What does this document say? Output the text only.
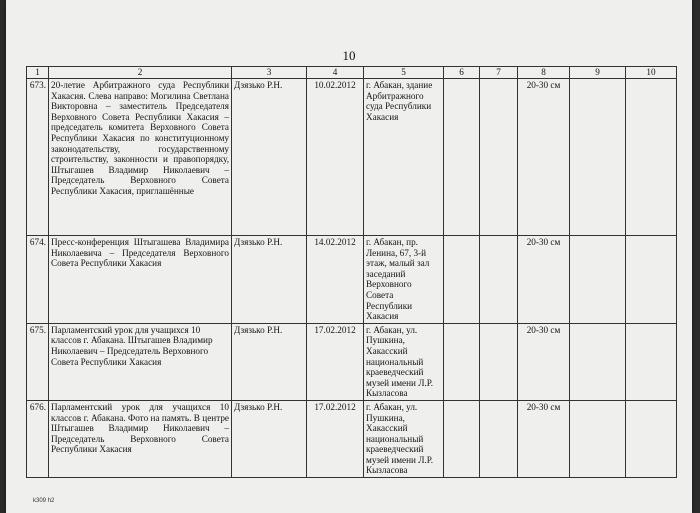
10
1	2	3	4	5	6	7	8	9	10
673.	20-летие Арбитражного суда Республики Хакасия. Слева направо: Могилина Светлана Викторовна – заместитель Председателя Верховного Совета Республики Хакасия – председатель комитета Верховного Совета Республики Хакасия по конституционному законодательству, государственному строительству, законности и правопорядку, Штыгашев Владимир Николаевич – Председатель Верховного Совета Республики Хакасия, приглашённые	Дзязько Р.Н.	10.02.2012	г. Абакан, здание Арбитражного суда Республики Хакасия			20-30 см		
674.	Пресс-конференция Штыгашева Владимира Николаевича – Председателя Верховного Совета Республики Хакасия	Дзязько Р.Н.	14.02.2012	г. Абакан, пр. Ленина, 67, 3-й этаж, малый зал заседаний Верховного Совета Республики Хакасия			20-30 см		
675.	Парламентский урок для учащихся 10 классов г. Абакана. Штыгашев Владимир Николаевич – Председатель Верховного Совета Республики Хакасия	Дзязько Р.Н.	17.02.2012	г. Абакан, ул. Пушкина, Хакасский национальный краеведческий музей имени Л.Р. Кызласова			20-30 см		
676.	Парламентский урок для учащихся 10 классов г. Абакана. Фото на память. В центре Штыгашев Владимир Николаевич – Председатель Верховного Совета Республики Хакасия	Дзязько Р.Н.	17.02.2012	г. Абакан, ул. Пушкина, Хакасский национальный краеведческий музей имени Л.Р. Кызласова			20-30 см		
k309 h2
